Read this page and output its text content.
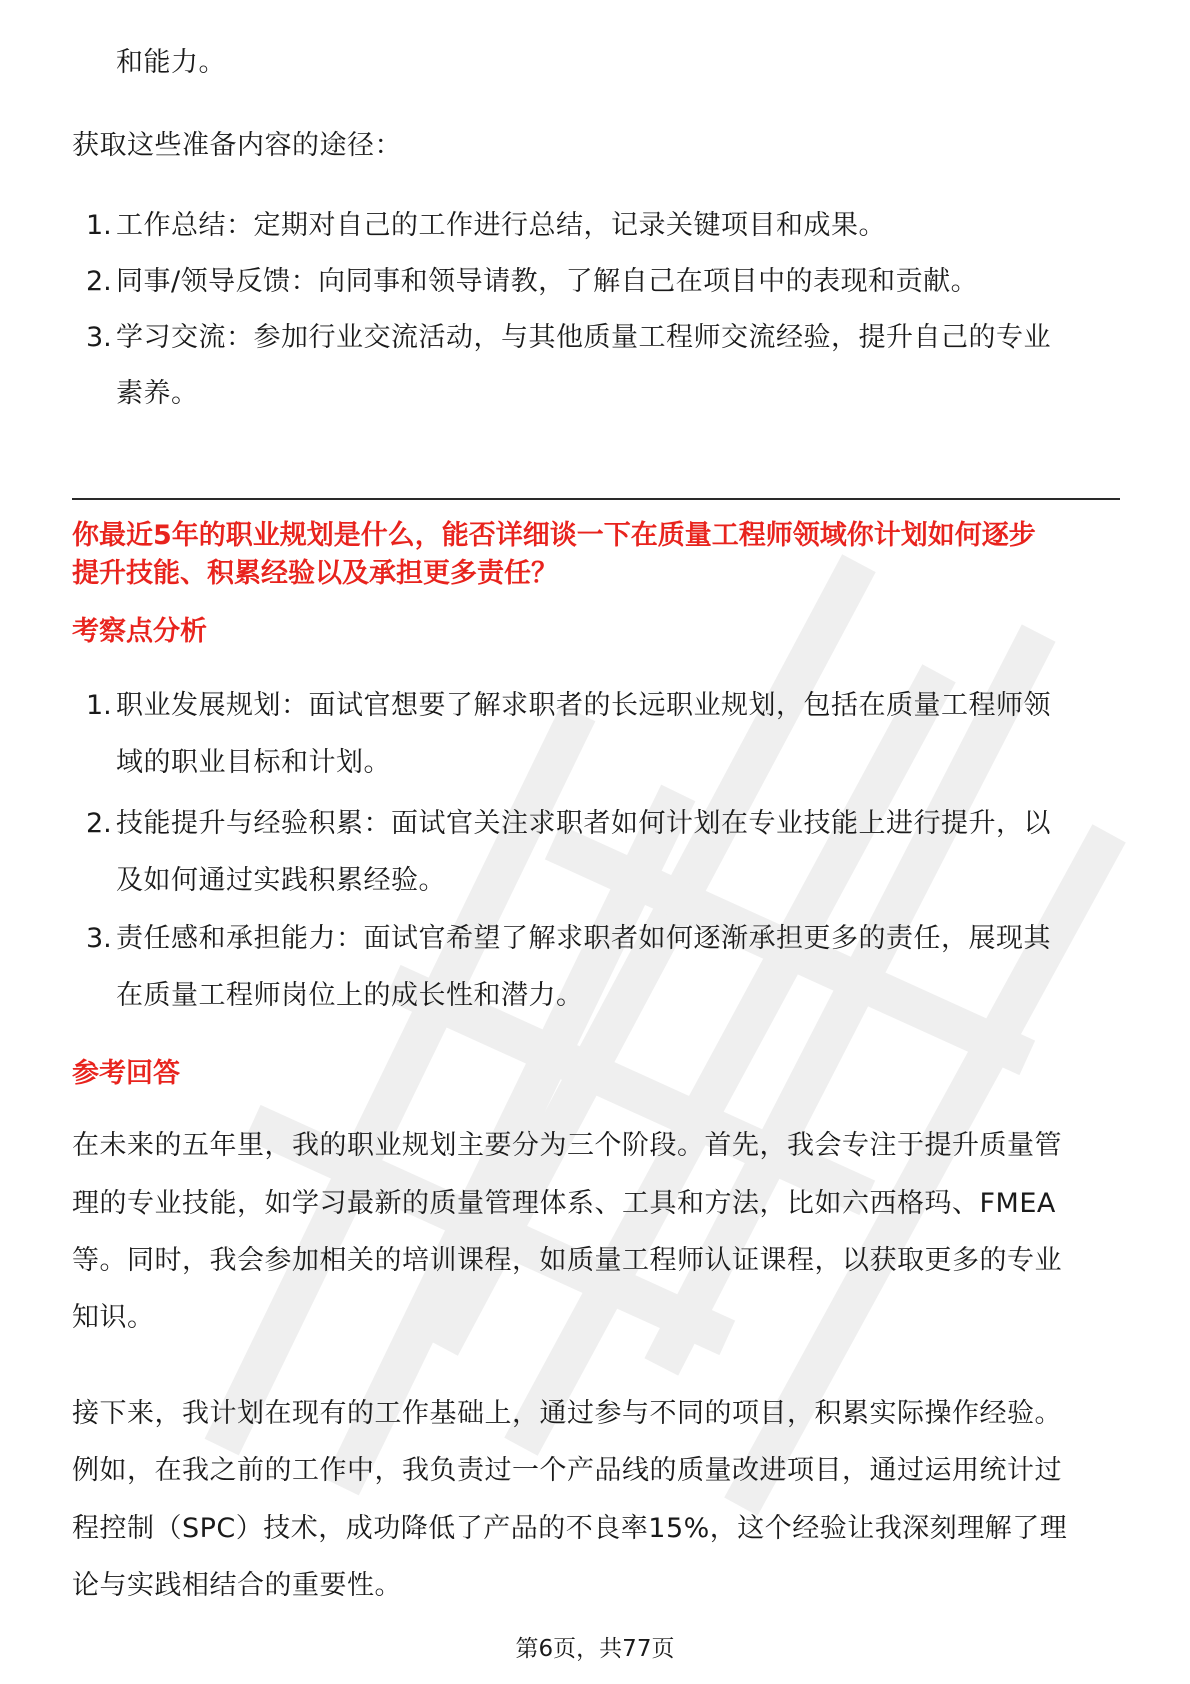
和能力。
获取这些准备内容的途径：
1. 工作总结：定期对自己的工作进行总结，记录关键项目和成果。
2. 同事/领导反馈：向同事和领导请教，了解自己在项目中的表现和贡献。
3. 学习交流：参加行业交流活动，与其他质量工程师交流经验，提升自己的专业
素养。
你最近5年的职业规划是什么，能否详细谈一下在质量工程师领域你计划如何逐步
提升技能、积累经验以及承担更多责任？
考察点分析
1. 职业发展规划：面试官想要了解求职者的长远职业规划，包括在质量工程师领
域的职业目标和计划。
2. 技能提升与经验积累：面试官关注求职者如何计划在专业技能上进行提升，以
及如何通过实践积累经验。
3. 责任感和承担能力：面试官希望了解求职者如何逐渐承担更多的责任，展现其
在质量工程师岗位上的成长性和潜力。
参考回答
在未来的五年里，我的职业规划主要分为三个阶段。首先，我会专注于提升质量管
理的专业技能，如学习最新的质量管理体系、工具和方法，比如六西格玛、FMEA
等。同时，我会参加相关的培训课程，如质量工程师认证课程，以获取更多的专业
知识。
接下来，我计划在现有的工作基础上，通过参与不同的项目，积累实际操作经验。
例如，在我之前的工作中，我负责过一个产品线的质量改进项目，通过运用统计过
程控制（SPC）技术，成功降低了产品的不良率15%，这个经验让我深刻理解了理
论与实践相结合的重要性。
第6页，共77页
